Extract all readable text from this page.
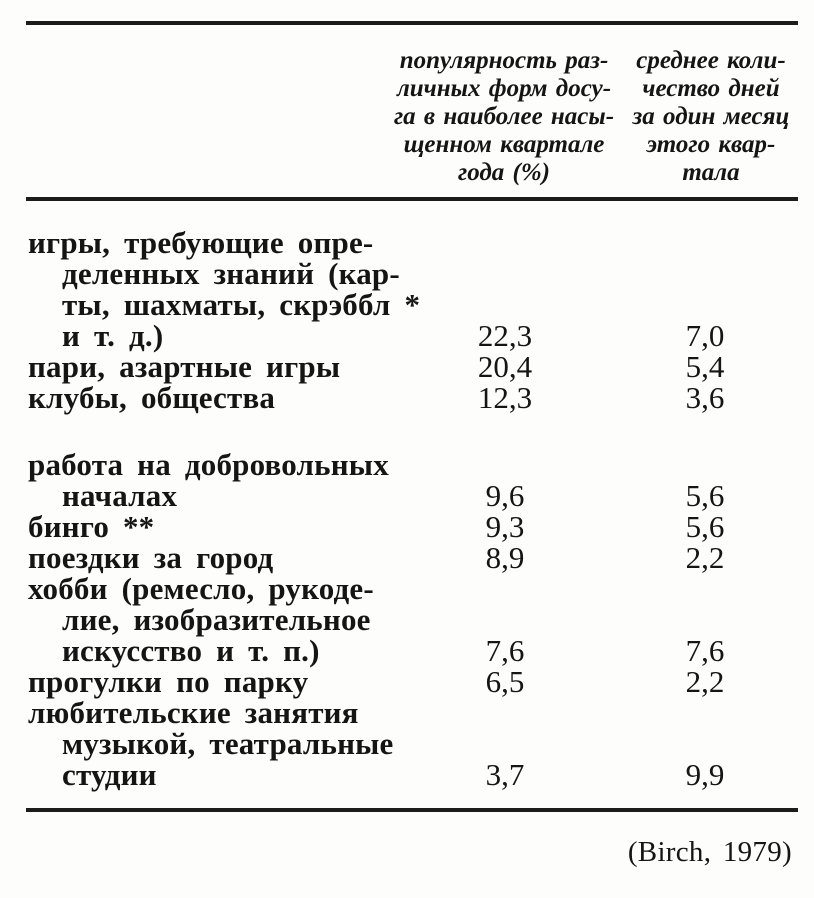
популярность раз-
личных форм досу-
га в наиболее насы-
щенном квартале
года (%)
среднее коли-
чество дней
за один месяц
этого квар-
тала
игры, требующие опре-
деленных знаний (кар-
ты, шахматы, скрэббл *
и т. д.)	22,3	7,0
пари, азартные игры	20,4	5,4
клубы, общества	12,3	3,6
работа на добровольных
началах	9,6	5,6
бинго **	9,3	5,6
поездки за город	8,9	2,2
хобби (ремесло, рукоде-
лие, изобразительное
искусство и т. п.)	7,6	7,6
прогулки по парку	6,5	2,2
любительские занятия
музыкой, театральные
студии	3,7	9,9
(Birch, 1979)
